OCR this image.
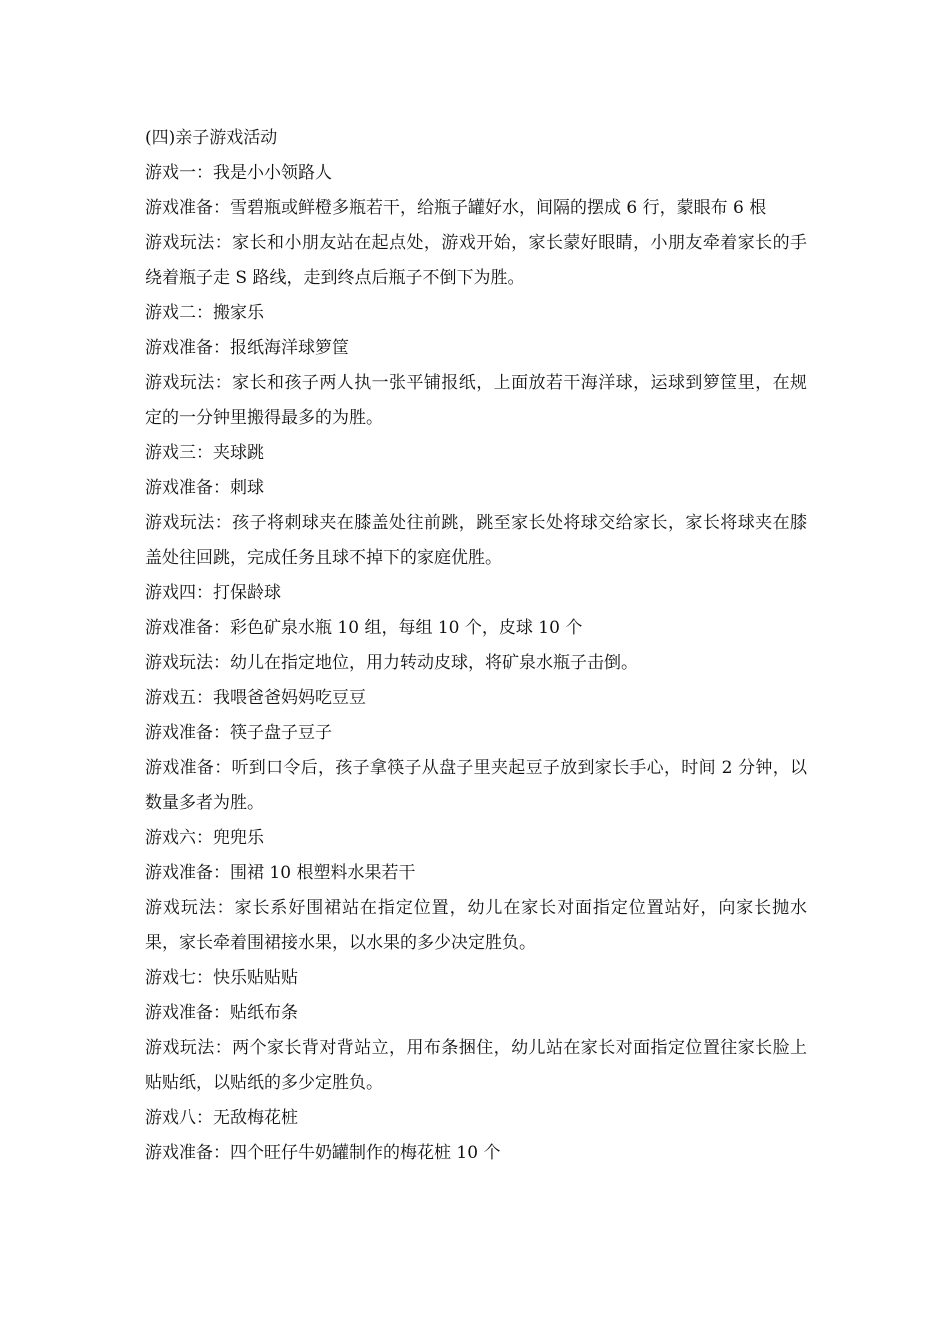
(四)亲子游戏活动
游戏一：我是小小领路人
游戏准备：雪碧瓶或鲜橙多瓶若干，给瓶子罐好水，间隔的摆成 6 行，蒙眼布 6 根
游戏玩法：家长和小朋友站在起点处，游戏开始，家长蒙好眼睛，小朋友牵着家长的手绕着瓶子走 S 路线，走到终点后瓶子不倒下为胜。
游戏二：搬家乐
游戏准备：报纸海洋球箩筐
游戏玩法：家长和孩子两人执一张平铺报纸，上面放若干海洋球，运球到箩筐里，在规定的一分钟里搬得最多的为胜。
游戏三：夹球跳
游戏准备：刺球
游戏玩法：孩子将刺球夹在膝盖处往前跳，跳至家长处将球交给家长，家长将球夹在膝盖处往回跳，完成任务且球不掉下的家庭优胜。
游戏四：打保龄球
游戏准备：彩色矿泉水瓶 10 组，每组 10 个，皮球 10 个
游戏玩法：幼儿在指定地位，用力转动皮球，将矿泉水瓶子击倒。
游戏五：我喂爸爸妈妈吃豆豆
游戏准备：筷子盘子豆子
游戏准备：听到口令后，孩子拿筷子从盘子里夹起豆子放到家长手心，时间 2 分钟，以数量多者为胜。
游戏六：兜兜乐
游戏准备：围裙 10 根塑料水果若干
游戏玩法：家长系好围裙站在指定位置，幼儿在家长对面指定位置站好，向家长抛水果，家长牵着围裙接水果，以水果的多少决定胜负。
游戏七：快乐贴贴贴
游戏准备：贴纸布条
游戏玩法：两个家长背对背站立，用布条捆住，幼儿站在家长对面指定位置往家长脸上贴贴纸，以贴纸的多少定胜负。
游戏八：无敌梅花桩
游戏准备：四个旺仔牛奶罐制作的梅花桩 10 个
